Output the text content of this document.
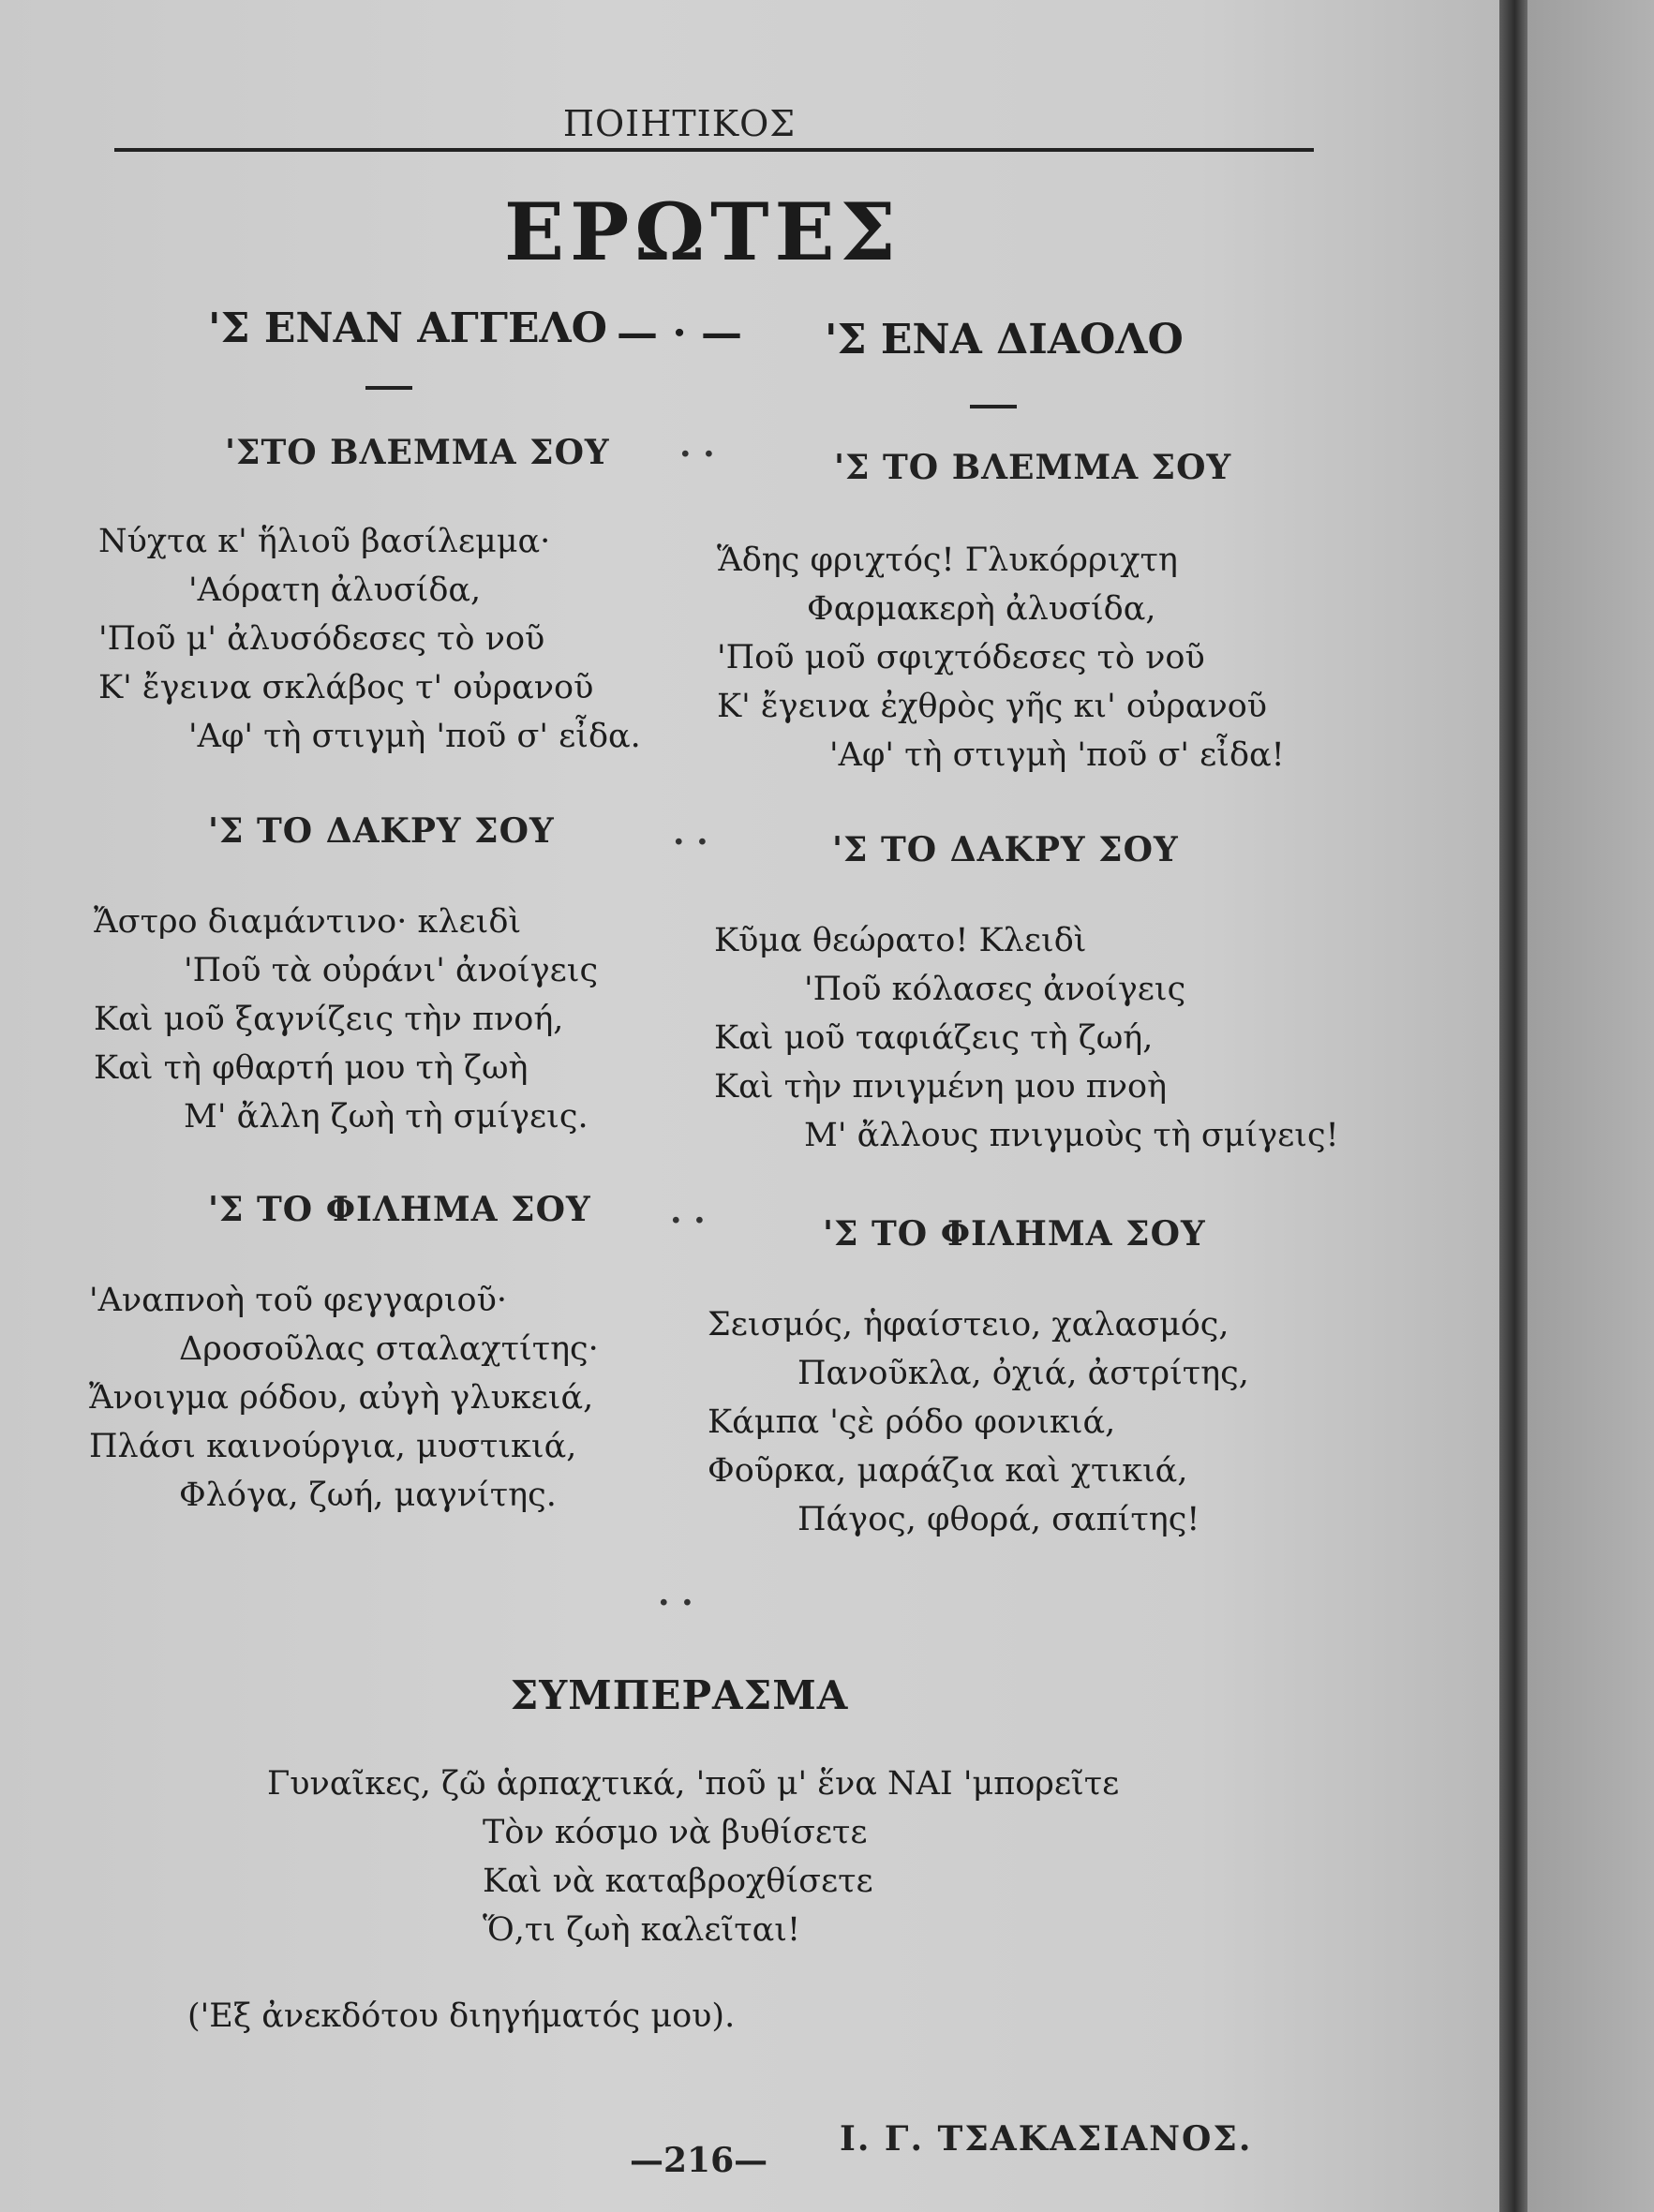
ΠΟΙΗΤΙΚΟΣ
ΕΡΩΤΕΣ
'Σ ΕΝΑΝ ΑΓΓΕΛΟ — · — 'Σ ΕΝΑ ΔΙΑΟΛΟ
'ΣΤΟ ΒΛΕΜΜΑ ΣΟΥ · ·	'Σ ΤΟ ΒΛΕΜΜΑ ΣΟΥ
Νύχτα κ' ἥλιοῦ βασίλεμμα·
'Αόρατη ἀλυσίδα,
'Ποῦ μ' ἀλυσόδεσες τὸ νοῦ
Κ' ἔγεινα σκλάβος τ' οὐρανοῦ
'Αφ' τὴ στιγμὴ 'ποῦ σ' εἶδα.
Ἅδης φριχτός! Γλυκόρριχτη
Φαρμακερὴ ἀλυσίδα,
'Ποῦ μοῦ σφιχτόδεσες τὸ νοῦ
Κ' ἔγεινα ἐχθρὸς γῆς κι' οὐρανοῦ
'Αφ' τὴ στιγμὴ 'ποῦ σ' εἶδα!
'Σ ΤΟ ΔΑΚΡΥ ΣΟΥ	· ·	'Σ ΤΟ ΔΑΚΡΥ ΣΟΥ
Ἄστρο διαμάντινο· κλειδὶ
'Ποῦ τὰ οὐράνι' ἀνοίγεις
Καὶ μοῦ ξαγνίζεις τὴν πνοή,
Καὶ τὴ φθαρτή μου τὴ ζωὴ
Μ' ἄλλη ζωὴ τὴ σμίγεις.
Κῦμα θεώρατο! Κλειδὶ
'Ποῦ κόλασες ἀνοίγεις
Καὶ μοῦ ταφιάζεις τὴ ζωή,
Καὶ τὴν πνιγμένη μου πνοὴ
Μ' ἄλλους πνιγμοὺς τὴ σμίγεις!
'Σ ΤΟ ΦΙΛΗΜΑ ΣΟΥ · ·	'Σ ΤΟ ΦΙΛΗΜΑ ΣΟΥ
'Αναπνοὴ τοῦ φεγγαριοῦ·
Δροσοῦλας σταλαχτίτης·
Ἄνοιγμα ρόδου, αὐγὴ γλυκειά,
Πλάσι καινούργια, μυστικιά,
Φλόγα, ζωή, μαγνίτης.
Σεισμός, ἡφαίστειο, χαλασμός,
Πανοῦκλα, ὀχιά, ἀστρίτης,
Κάμπα 'ςὲ ρόδο φονικιά,
Φοῦρκα, μαράζια καὶ χτικιά,
Πάγος, φθορά, σαπίτης!
· ·
ΣΥΜΠΕΡΑΣΜΑ
Γυναῖκες, ζῶ ἁρπαχτικά, 'ποῦ μ' ἕνα ΝΑΙ 'μπορεῖτε
Τὸν κόσμο νὰ βυθίσετε
Καὶ νὰ καταβροχθίσετε
Ὅ,τι ζωὴ καλεῖται!
('Εξ ἀνεκδότου διηγήματός μου).
—216—
Ι. Γ. ΤΣΑΚΑΣΙΑΝΟΣ.
